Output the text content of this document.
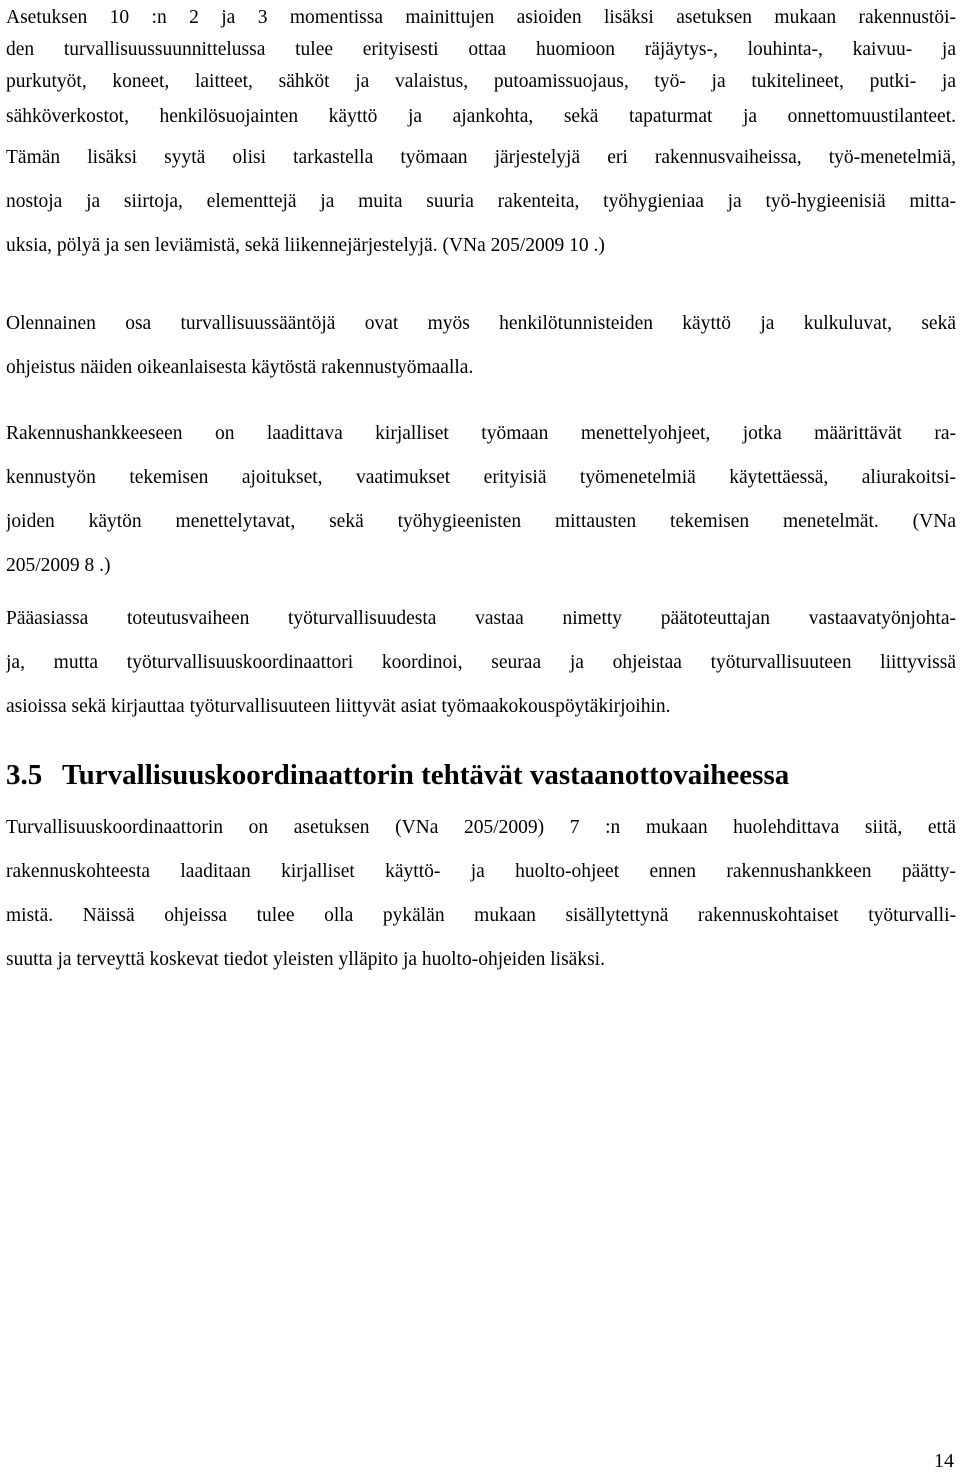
Asetuksen 10 :n 2 ja 3 momentissa mainittujen asioiden lisäksi asetuksen mukaan rakennustöi-

den turvallisuussuunnittelussa tulee erityisesti ottaa huomioon räjäytys-, louhinta-, kaivuu- ja

purkutyöt, koneet, laitteet, sähköt ja valaistus, putoamissuojaus, työ- ja tukitelineet, putki- ja

sähköverkostot, henkilösuojainten käyttö ja ajankohta, sekä tapaturmat ja onnettomuustilanteet.

Tämän lisäksi syytä olisi tarkastella työmaan järjestelyjä eri rakennusvaiheissa, työ-menetelmiä,

nostoja ja siirtoja, elementtejä ja muita suuria rakenteita, työhygieniaa ja työ-hygieenisiä mitta-

uksia, pölyä ja sen leviämistä, sekä liikennejärjestelyjä. (VNa 205/2009 10 .)

Olennainen osa turvallisuussääntöjä ovat myös henkilötunnisteiden käyttö ja kulkuluvat, sekä

ohjeistus näiden oikeanlaisesta käytöstä rakennustyömaalla.

Rakennushankkeeseen on laadittava kirjalliset työmaan menettelyohjeet, jotka määrittävät ra-

kennustyön tekemisen ajoitukset, vaatimukset erityisiä työmenetelmiä käytettäessä, aliurakoitsi-

joiden käytön menettelytavat, sekä työhygieenisten mittausten tekemisen menetelmät. (VNa

205/2009 8 .)

Pääasiassa toteutusvaiheen työturvallisuudesta vastaa nimetty päätoteuttajan vastaavatyönjohta-

ja, mutta työturvallisuuskoordinaattori koordinoi, seuraa ja ohjeistaa työturvallisuuteen liittyvissä

asioissa sekä kirjauttaa työturvallisuuteen liittyvät asiat työmaakokouspöytäkirjoihin.

3.5 Turvallisuuskoordinaattorin tehtävät vastaanottovaiheessa

Turvallisuuskoordinaattorin on asetuksen (VNa 205/2009) 7 :n mukaan huolehdittava siitä, että

rakennuskohteesta laaditaan kirjalliset käyttö- ja huolto-ohjeet ennen rakennushankkeen päätty-

mistä. Näissä ohjeissa tulee olla pykälän mukaan sisällytettynä rakennuskohtaiset työturvalli-

suutta ja terveyttä koskevat tiedot yleisten ylläpito ja huolto-ohjeiden lisäksi.

14
